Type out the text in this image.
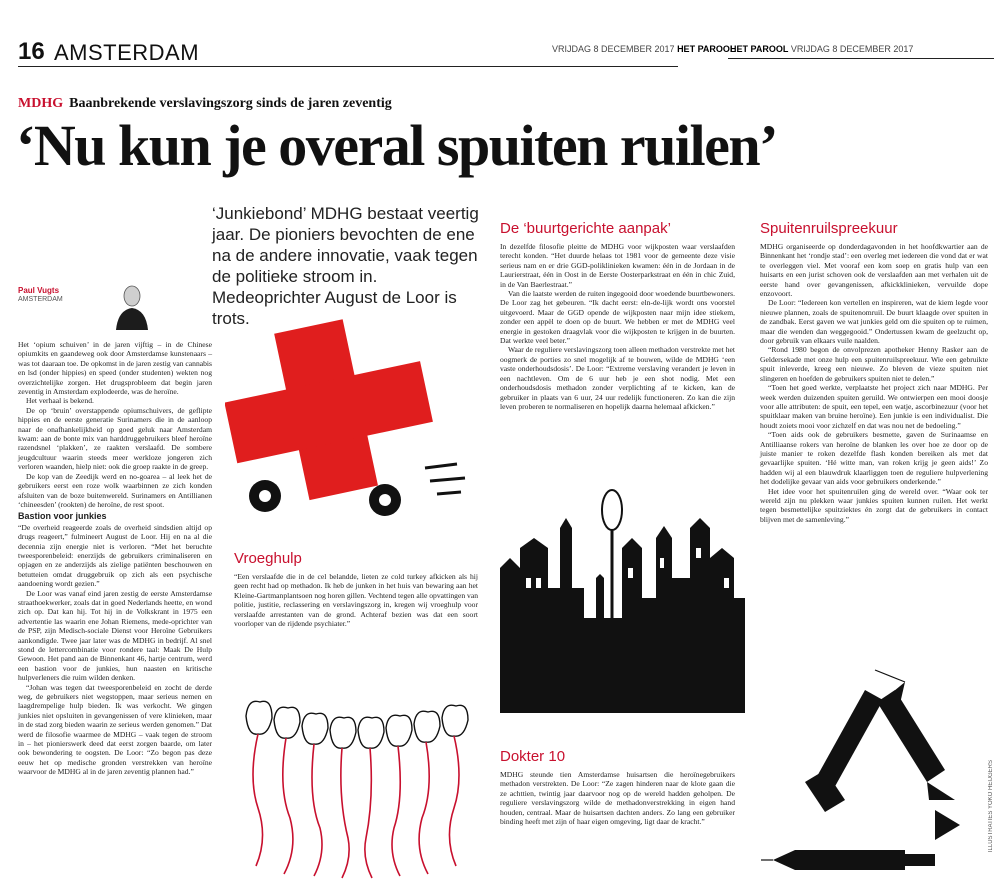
16 AMSTERDAM	VRIJDAG 8 DECEMBER 2017 HET PAROOL
HET PAROOL VRIJDAG 8 DECEMBER 2017
MDHG Baanbrekende verslavingszorg sinds de jaren zeventig
‘Nu kun je overal spuiten ruilen’
‘Junkiebond’ MDHG bestaat veertig jaar. De pioniers bevochten de ene na de andere innovatie, vaak tegen de politieke stroom in. Medeoprichter August de Loor is trots.
Paul Vugts
AMSTERDAM

Het ‘opium schuiven’ in de jaren vijftig – in de Chinese opiumkits en gaandeweg ook door Amsterdamse kunstenaars – was tot daaraan toe. De opkomst in de jaren zestig van cannabis en lsd (onder hippies) en speed (onder studenten) wekten nog overzichtelijke zorgen. Het drugsprobleem dat begin jaren zeventig in Amsterdam explodeerde, was de heroïne.

Het verhaal is bekend.

De op ‘bruin’ overstappende opiumschuivers, de geflipte hippies en de eerste generatie Surinamers die in de aanloop naar de onafhankelijkheid op goed geluk naar Amsterdam kwam: aan de bonte mix van harddruggebruikers bleef heroïne razendsnel ‘plakken’, ze raakten verslaafd. De sombere jeugdcultuur waarin steeds meer werkloze jongeren zich verloren waanden, hielp niet: ook die groep raakte in de greep.

De kop van de Zeedijk werd en no-goarea – al leek het de gebruikers eerst een roze wolk waarbinnen ze zich konden afsluiten van de boze buitenwereld. Surinamers en Antillianen ‘chineesden’ (rookten) de heroïne, de rest spoot.

Bastion voor junkies

“De overheid reageerde zoals de overheid sindsdien altijd op drugs reageert,” fulmineert August de Loor. Hij en na al die decennia zijn energie niet is verloren. “Met het beruchte tweesporenbeleid: enerzijds de gebruikers criminaliseren en opjagen en ze anderzijds als zielige patiënten beschouwen en betutteien omdat druggebruik op zich als een psychische aandoening wordt gezien.”

De Loor was vanaf eind jaren zestig de eerste Amsterdamse straathoekwerker, zoals dat in goed Nederlands heette, en wond zich op. Dat kan hij. Tot hij in de Volkskrant in 1975 een advertentie las waarin ene Johan Riemens, mede-oprichter van de PSP, zijn Medisch-sociale Dienst voor Heroïne Gebruikers aankondigde. Twee jaar later was de MDHG in bedrijf. Al snel stond de lettercombinatie voor rondere taal: Maak De Hulp Gewoon. Het pand aan de Binnenkant 46, hartje centrum, werd een bastion voor de junkies, hun naasten en kritische hulpverleners die ruim wilden denken.

“Johan was tegen dat tweesporenbeleid en zocht de derde weg, de gebruikers niet wegstoppen, maar serieus nemen en laagdrempelige hulp bieden. Ik was verkocht. We gingen junkies niet opsluiten in gevangenissen of vere klinieken, maar in de stad zorg bieden waarin ze serieus werden genomen.” Dat werd de filosofie waarmee de MDHG – vaak tegen de stroom in – het pionierswerk deed dat eerst zorgen baarde, om later ook bewondering te oogsten. De Loor: “Zo begon pas deze eeuw het op medische gronden verstrekken van heroïne waarvoor de MDHG al in de jaren zeventig plannen had.”

Vroeghulp

“Een verslaafde die in de cel belandde, lieten ze cold turkey afkicken als hij geen recht had op methadon. Ik heb de junken in het huis van bewaring aan het Kleine-Gartmanplantsoen nog horen gillen. Vechtend tegen alle opvattingen van politie, justitie, reclassering en verslavingszorg in, kregen wij vroeghulp voor verslaafde arrestanten van de grond. Achteraf bezien was dat een soort voorloper van de rijdende psychiater.”

De ‘buurtgerichte aanpak’

In dezelfde filosofie pleitte de MDHG voor wijkposten waar verslaafden terecht konden. “Het duurde helaas tot 1981 voor de gemeente deze visie serieus nam en er drie GGD-poliklinieken kwamen: één in de Jordaan in de Laurierstraat, één in Oost in de Eerste Oosterparkstraat en één in chic Zuid, in de Van Baerlestraat.”

Van die laatste werden de ruiten ingegooid door woedende buurtbewoners. De Loor zag het gebeuren. “Ik dacht eerst: eln-de-lijk wordt ons voorstel uitgevoerd. Maar de GGD opende de wijkposten naar mijn idee stiekem, zonder een appèl te doen op de buurt. We hebben er met de MDHG veel energie in gestoken draagvlak voor die wijkposten te krijgen in de buurten. Dat werkte veel beter.”

Waar de reguliere verslavingszorg toen alleen methadon verstrekte met het oogmerk de porties zo snel mogelijk af te bouwen, wilde de MDHG ‘een vaste onderhoudsdosis’. De Loor: “Extreme verslaving verandert je leven in een nachtleven. Om de 6 uur heb je een shot nodig. Met een onderhoudsdosis methadon zonder verplichting af te kicken, kan de gebruiker in plaats van 6 uur, 24 uur redelijk functioneren. Zo kan die zijn leven proberen te normaliseren en hopelijk daarna helemaal afkicken.”

Dokter 10

MDHG steunde tien Amsterdamse huisartsen die heroïnegebruikers methadon verstrekten. De Loor: “Ze zagen hinderen naar de klote gaan die ze achttien, twintig jaar daarvoor nog op de wereld hadden geholpen. De reguliere verslavingszorg wilde de methadonverstrekking in eigen hand houden, centraal. Maar de huisartsen dachten anders. Zo lang een gebruiker binding heeft met zijn of haar eigen omgeving, ligt daar de kracht.”

Spuitenruilspreekuur

MDHG organiseerde op donderdagavonden in het hoofdkwartier aan de Binnenkant het ‘rondje stad’: een overleg met iedereen die vond dat er wat te overleggen viel. Met vooraf een kom soep en gratis hulp van een huisarts en een jurist schoven ook de verslaafden aan met verhalen uit de eerste hand over gevangenissen, afkickklinieken, vervuilde dope enzovoort.

De Loor: “Iedereen kon vertellen en inspireren, wat de kiem legde voor nieuwe plannen, zoals de spuitenomruil. De buurt klaagde over spuiten in de zandbak. Eerst gaven we wat junkies geld om die spuiten op te ruimen, maar die wenden dan weggegooid.” Ondertussen kwam de geelzucht op, door gebruik van elkaars vuile naalden.

“Rond 1980 begon de onvolprezen apotheker Henny Rasker aan de Geldersekade met onze hulp een spuitenruilspreekuur. Wie een gebruikte spuit inleverde, kreeg een nieuwe. Zo bleven de vieze spuiten niet slingeren en hoefden de gebruikers spuiten niet te delen.”

“Toen het goed werkte, verplaatste het project zich naar MDHG. Per week werden duizenden spuiten geruild. We ontwierpen een mooi doosje voor alle attributen: de spuit, een tepel, een watje, ascorbinezuur (voor het spuitklaar maken van bruine heroïne). Een junkie is een individualist. Die houdt zoiets mooi voor zichzelf en dat was nou net de bedoeling.”

“Toen aids ook de gebruikers besmette, gaven de Surinaamse en Antilliaanse rokers van heroïne de blanken les over hoe ze door op de juiste manier te roken dezelfde flash konden bereiken als met dat gevaarlijke spuiten. ‘Hé witte man, van roken krijg je geen aids!’ Zo hadden wij al een blauwdruk klaarliggen toen de reguliere hulpverlening het dodelijke gevaar van aids voor gebruikers onderkende.”

Het idee voor het spuitenruilen ging de wereld over. “Waar ook ter wereld zijn nu plekken waar junkies spuiten kunnen ruilen. Het werkt tegen besmettelijke spuitziektes én zorgt dat de gebruikers in contact blijven met de samenleving.”

ILLUSTRATIES YOKO HEIJGERS
